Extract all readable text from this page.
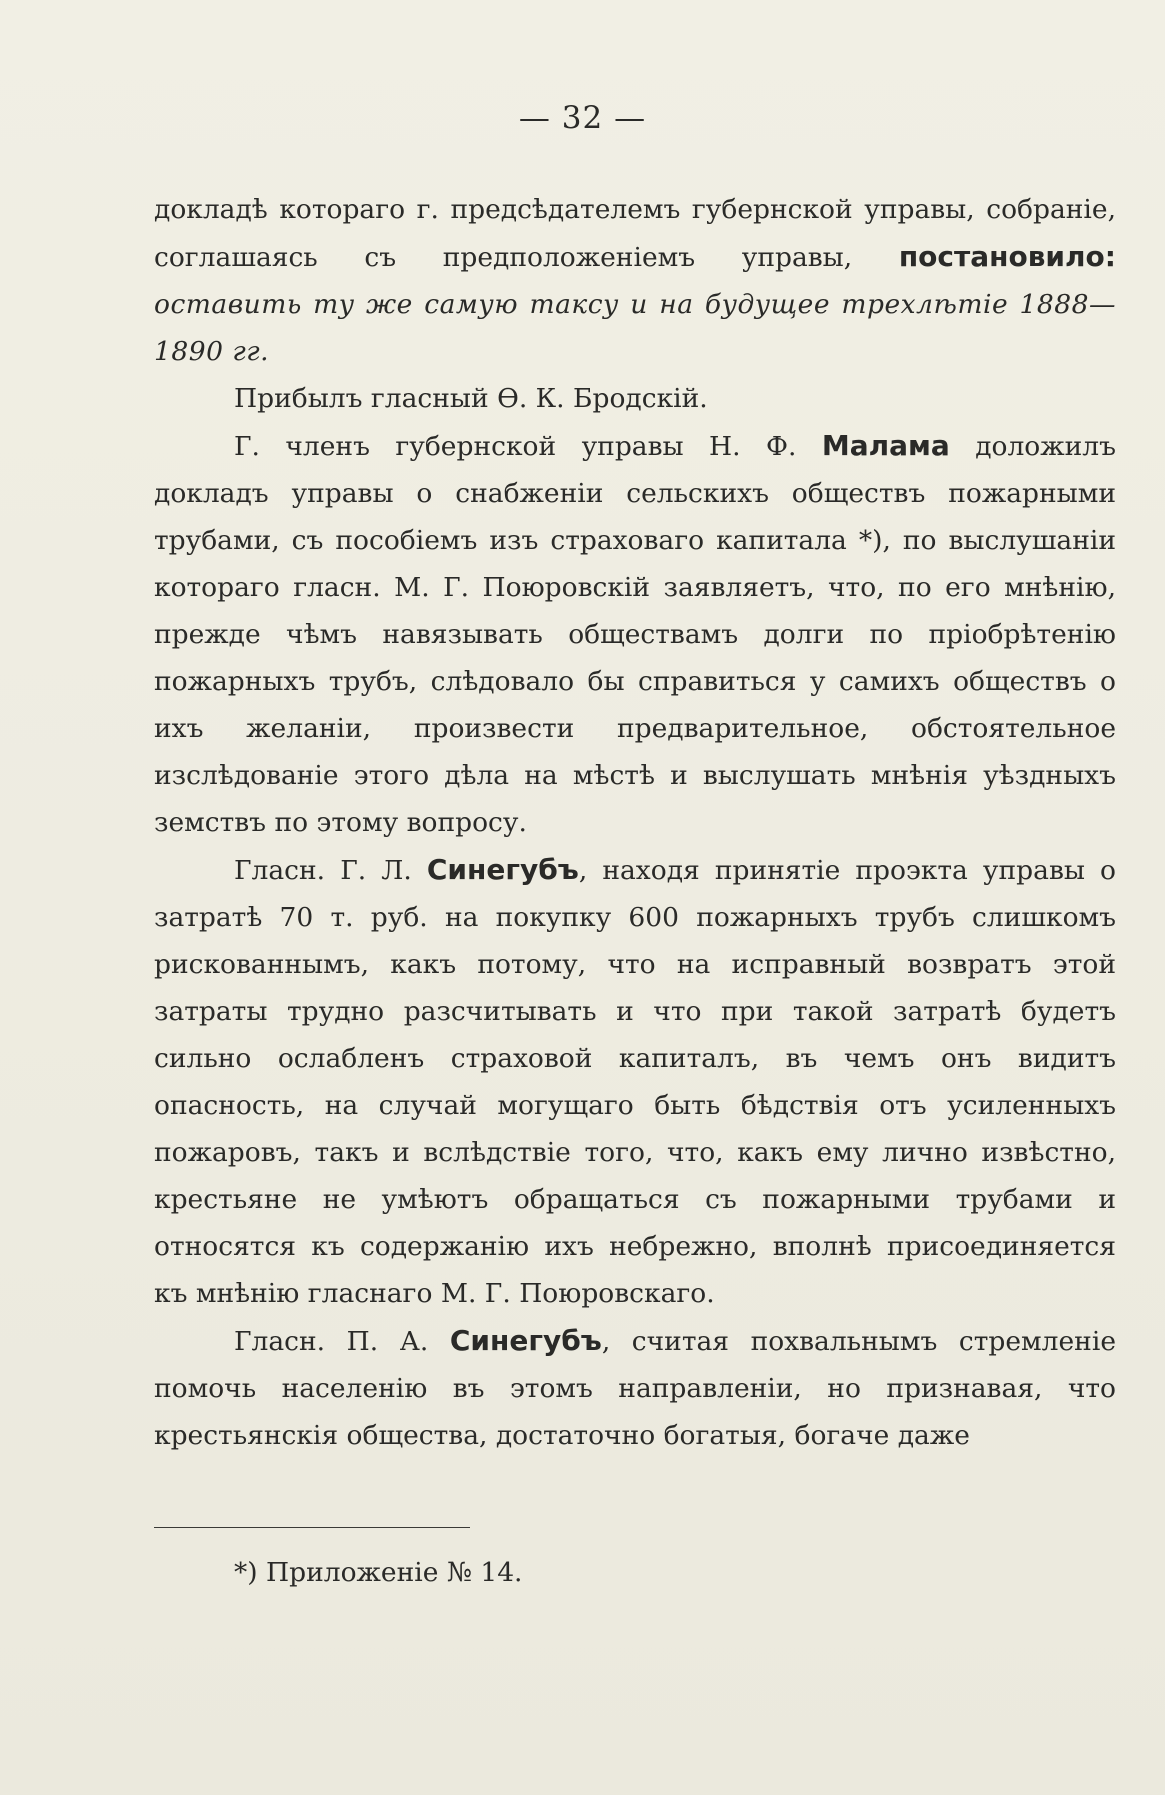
— 32 —

докладѣ котораго г. предсѣдателемъ губернской управы, собраніе, соглашаясь съ предположеніемъ управы, постановило: оставить ту же самую таксу и на будущее трехлѣтіе 1888—1890 гг.

Прибылъ гласный Ѳ. К. Бродскій.

Г. членъ губернской управы Н. Ф. Малама доложилъ докладъ управы о снабженіи сельскихъ обществъ пожарными трубами, съ пособіемъ изъ страховаго капитала *), по выслушаніи котораго гласн. М. Г. Поюровскій заявляетъ, что, по его мнѣнію, прежде чѣмъ навязывать обществамъ долги по пріобрѣтенію пожарныхъ трубъ, слѣдовало бы справиться у самихъ обществъ о ихъ желаніи, произвести предварительное, обстоятельное изслѣдованіе этого дѣла на мѣстѣ и выслушать мнѣнія уѣздныхъ земствъ по этому вопросу.

Гласн. Г. Л. Синегубъ, находя принятіе проэкта управы о затратѣ 70 т. руб. на покупку 600 пожарныхъ трубъ слишкомъ рискованнымъ, какъ потому, что на исправный возвратъ этой затраты трудно разсчитывать и что при такой затратѣ будетъ сильно ослабленъ страховой капиталъ, въ чемъ онъ видитъ опасность, на случай могущаго быть бѣдствія отъ усиленныхъ пожаровъ, такъ и вслѣдствіе того, что, какъ ему лично извѣстно, крестьяне не умѣютъ обращаться съ пожарными трубами и относятся къ содержанію ихъ небрежно, вполнѣ присоединяется къ мнѣнію гласнаго М. Г. Поюровскаго.

Гласн. П. А. Синегубъ, считая похвальнымъ стремленіе помочь населенію въ этомъ направленіи, но признавая, что крестьянскія общества, достаточно богатыя, богаче даже

*) Приложеніе № 14.
